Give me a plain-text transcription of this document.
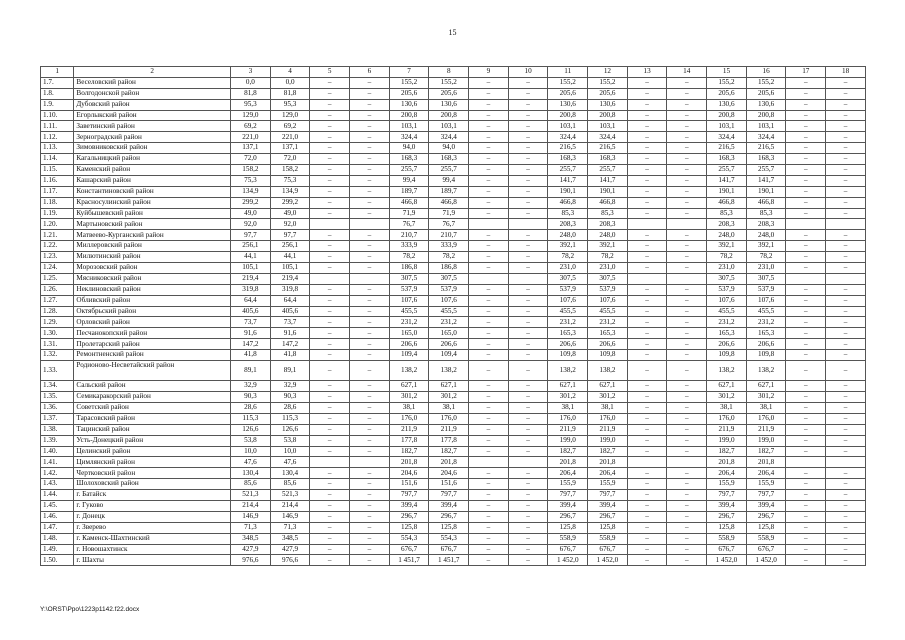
15
1	2	3	4	5	6	7	8	9	10	11	12	13	14	15	16	17	18
1.7.	Веселовский район	0,0	0,0	–	–	155,2	155,2	–	–	155,2	155,2	–	–	155,2	155,2	–	–
1.8.	Волгодонской район	81,8	81,8	–	–	205,6	205,6	–	–	205,6	205,6	–	–	205,6	205,6	–	–
1.9.	Дубовский район	95,3	95,3	–	–	130,6	130,6	–	–	130,6	130,6	–	–	130,6	130,6	–	–
1.10.	Егорлыкский район	129,0	129,0	–	–	200,8	200,8	–	–	200,8	200,8	–	–	200,8	200,8	–	–
1.11.	Заветинский район	69,2	69,2	–	–	103,1	103,1	–	–	103,1	103,1	–	–	103,1	103,1	–	–
1.12.	Зерноградский район	221,0	221,0	–	–	324,4	324,4	–	–	324,4	324,4	–	–	324,4	324,4	–	–
1.13.	Зимовниковский район	137,1	137,1	–	–	94,0	94,0	–	–	216,5	216,5	–	–	216,5	216,5	–	–
1.14.	Кагальницкий район	72,0	72,0	–	–	168,3	168,3	–	–	168,3	168,3	–	–	168,3	168,3	–	–
1.15.	Каменский район	158,2	158,2	–	–	255,7	255,7	–	–	255,7	255,7	–	–	255,7	255,7	–	–
1.16.	Кашарский район	75,3	75,3	–	–	99,4	99,4	–	–	141,7	141,7	–	–	141,7	141,7	–	–
1.17.	Константиновский район	134,9	134,9	–	–	189,7	189,7	–	–	190,1	190,1	–	–	190,1	190,1	–	–
1.18.	Красносулинский район	299,2	299,2	–	–	466,8	466,8	–	–	466,8	466,8	–	–	466,8	466,8	–	–
1.19.	Куйбышевский район	49,0	49,0	–	–	71,9	71,9	–	–	85,3	85,3	–	–	85,3	85,3	–	–
1.20.	Мартыновский район	92,0	92,0			76,7	76,7			208,3	208,3			208,3	208,3		
1.21.	Матвеево-Курганский район	97,7	97,7	–	–	210,7	210,7	–	–	248,0	248,0	–	–	248,0	248,0	–	–
1.22.	Миллеровский район	256,1	256,1	–	–	333,9	333,9	–	–	392,1	392,1	–	–	392,1	392,1	–	–
1.23.	Милютинский район	44,1	44,1	–	–	78,2	78,2	–	–	78,2	78,2	–	–	78,2	78,2	–	–
1.24.	Морозовский район	105,1	105,1	–	–	186,8	186,8	–	–	231,0	231,0	–	–	231,0	231,0	–	–
1.25.	Мясниковский район	219,4	219,4			307,5	307,5			307,5	307,5			307,5	307,5		
1.26.	Неклиновский район	319,8	319,8	–	–	537,9	537,9	–	–	537,9	537,9	–	–	537,9	537,9	–	–
1.27.	Обливский район	64,4	64,4	–	–	107,6	107,6	–	–	107,6	107,6	–	–	107,6	107,6	–	–
1.28.	Октябрьский район	405,6	405,6	–	–	455,5	455,5	–	–	455,5	455,5	–	–	455,5	455,5	–	–
1.29.	Орловский район	73,7	73,7	–	–	231,2	231,2	–	–	231,2	231,2	–	–	231,2	231,2	–	–
1.30.	Песчанокопский район	91,6	91,6	–	–	165,0	165,0	–	–	165,3	165,3	–	–	165,3	165,3	–	–
1.31.	Пролетарский район	147,2	147,2	–	–	206,6	206,6	–	–	206,6	206,6	–	–	206,6	206,6	–	–
1.32.	Ремонтненский район	41,8	41,8	–	–	109,4	109,4	–	–	109,8	109,8	–	–	109,8	109,8	–	–
1.33.	Родионово-Несветайский район	89,1	89,1	–	–	138,2	138,2	–	–	138,2	138,2	–	–	138,2	138,2	–	–
1.34.	Сальский район	32,9	32,9	–	–	627,1	627,1	–	–	627,1	627,1	–	–	627,1	627,1	–	–
1.35.	Семикаракорский район	90,3	90,3	–	–	301,2	301,2	–	–	301,2	301,2	–	–	301,2	301,2	–	–
1.36.	Советский район	28,6	28,6	–	–	38,1	38,1	–	–	38,1	38,1	–	–	38,1	38,1	–	–
1.37.	Тарасовский район	115,3	115,3	–	–	176,0	176,0	–	–	176,0	176,0	–	–	176,0	176,0	–	–
1.38.	Тацинский район	126,6	126,6	–	–	211,9	211,9	–	–	211,9	211,9	–	–	211,9	211,9	–	–
1.39.	Усть-Донецкий район	53,8	53,8	–	–	177,8	177,8	–	–	199,0	199,0	–	–	199,0	199,0	–	–
1.40.	Целинский район	10,0	10,0	–	–	182,7	182,7	–	–	182,7	182,7	–	–	182,7	182,7	–	–
1.41.	Цимлянский район	47,6	47,6			201,8	201,8			201,8	201,8			201,8	201,8		
1.42.	Чертковский район	130,4	130,4	–	–	204,6	204,6	–	–	206,4	206,4	–	–	206,4	206,4	–	–
1.43.	Шолоховский район	85,6	85,6	–	–	151,6	151,6	–	–	155,9	155,9	–	–	155,9	155,9	–	–
1.44.	г. Батайск	521,3	521,3	–	–	797,7	797,7	–	–	797,7	797,7	–	–	797,7	797,7	–	–
1.45.	г. Гуково	214,4	214,4	–	–	399,4	399,4	–	–	399,4	399,4	–	–	399,4	399,4	–	–
1.46.	г. Донецк	146,9	146,9	–	–	296,7	296,7	–	–	296,7	296,7	–	–	296,7	296,7	–	–
1.47.	г. Зверево	71,3	71,3	–	–	125,8	125,8	–	–	125,8	125,8	–	–	125,8	125,8	–	–
1.48.	г. Каменск-Шахтинский	348,5	348,5	–	–	554,3	554,3	–	–	558,9	558,9	–	–	558,9	558,9	–	–
1.49.	г. Новошахтинск	427,9	427,9	–	–	676,7	676,7	–	–	676,7	676,7	–	–	676,7	676,7	–	–
1.50.	г. Шахты	976,6	976,6	–	–	1 451,7	1 451,7	–	–	1 452,0	1 452,0	–	–	1 452,0	1 452,0	–	–
Y:\ORST\Ppo\1223p1142.f22.docx
